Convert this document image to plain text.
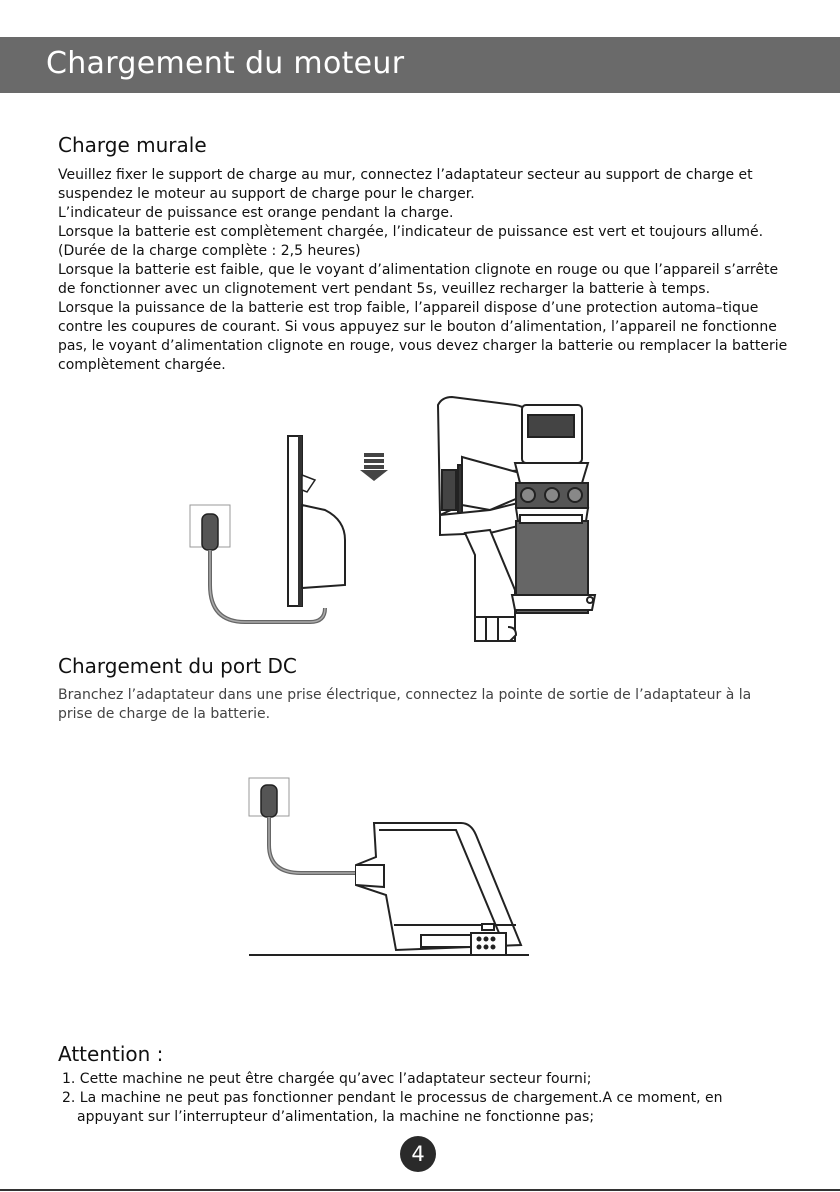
Chargement du moteur
Charge murale

Veuillez fixer le support de charge au mur, connectez l’adaptateur secteur au support de charge et suspendez le moteur au support de charge pour le charger.

L’indicateur de puissance est orange pendant la charge.

Lorsque la batterie est complètement chargée, l’indicateur de puissance est vert et toujours allumé. (Durée de la charge complète : 2,5 heures)

Lorsque la batterie est faible, que le voyant d’alimentation clignote en rouge ou que l’appareil s’arrête de fonctionner avec un clignotement vert pendant 5s, veuillez recharger la batterie à temps.

Lorsque la puissance de la batterie est trop faible, l’appareil dispose d’une protection automa–tique contre les coupures de courant. Si vous appuyez sur le bouton d’alimentation, l’appareil ne fonctionne pas, le voyant d’alimentation clignote en rouge, vous devez charger la batterie ou remplacer la batterie complètement chargée.

Chargement du port DC

Branchez l’adaptateur dans une prise électrique, connectez la pointe de sortie de l’adaptateur à la prise de charge de la batterie.

Attention :
1. Cette machine ne peut être chargée qu’avec l’adaptateur secteur fourni;
2. La machine ne peut pas fonctionner pendant le processus de chargement.A ce moment, en appuyant sur l’interrupteur d’alimentation, la machine ne fonctionne pas;
4
